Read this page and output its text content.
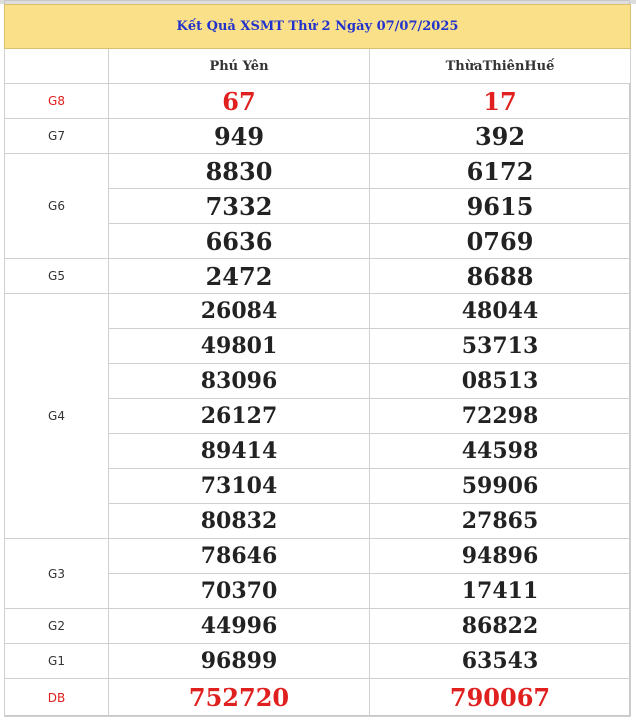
Kết Quả XSMT Thứ 2 Ngày 07/07/2025		
	Phú Yên	ThừaThiênHuế
G8	67	17
G7	949	392
G6	8830	6172
	7332	9615
	6636	0769
G5	2472	8688
G4	26084	48044
	49801	53713
	83096	08513
	26127	72298
	89414	44598
	73104	59906
	80832	27865
G3	78646	94896
	70370	17411
G2	44996	86822
G1	96899	63543
DB	752720	790067
